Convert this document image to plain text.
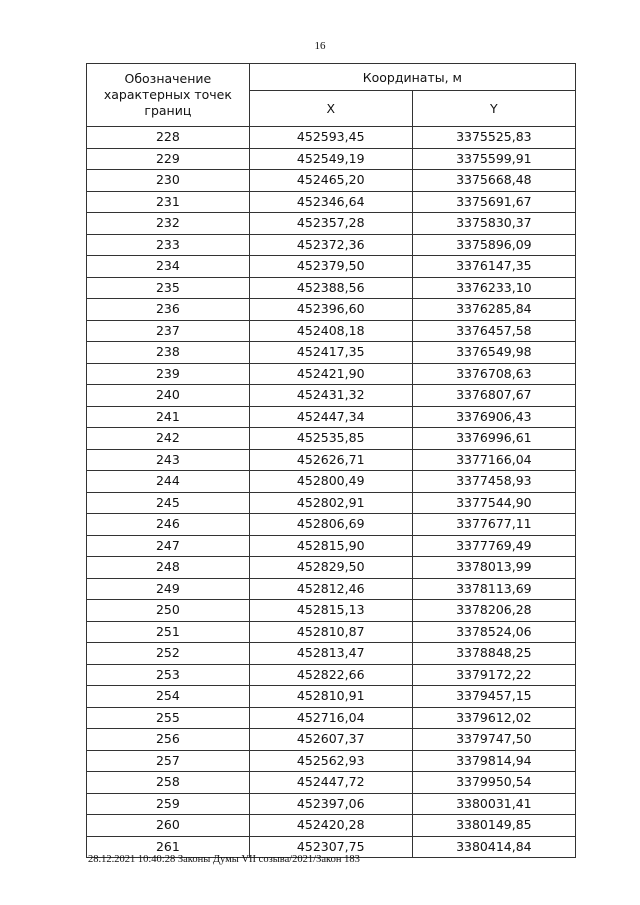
16
Обозначение характерных точек границ	Координаты, м	
	X	Y
228	452593,45	3375525,83
229	452549,19	3375599,91
230	452465,20	3375668,48
231	452346,64	3375691,67
232	452357,28	3375830,37
233	452372,36	3375896,09
234	452379,50	3376147,35
235	452388,56	3376233,10
236	452396,60	3376285,84
237	452408,18	3376457,58
238	452417,35	3376549,98
239	452421,90	3376708,63
240	452431,32	3376807,67
241	452447,34	3376906,43
242	452535,85	3376996,61
243	452626,71	3377166,04
244	452800,49	3377458,93
245	452802,91	3377544,90
246	452806,69	3377677,11
247	452815,90	3377769,49
248	452829,50	3378013,99
249	452812,46	3378113,69
250	452815,13	3378206,28
251	452810,87	3378524,06
252	452813,47	3378848,25
253	452822,66	3379172,22
254	452810,91	3379457,15
255	452716,04	3379612,02
256	452607,37	3379747,50
257	452562,93	3379814,94
258	452447,72	3379950,54
259	452397,06	3380031,41
260	452420,28	3380149,85
261	452307,75	3380414,84
28.12.2021 10:40:28 Законы Думы VII созыва/2021/Закон 183
